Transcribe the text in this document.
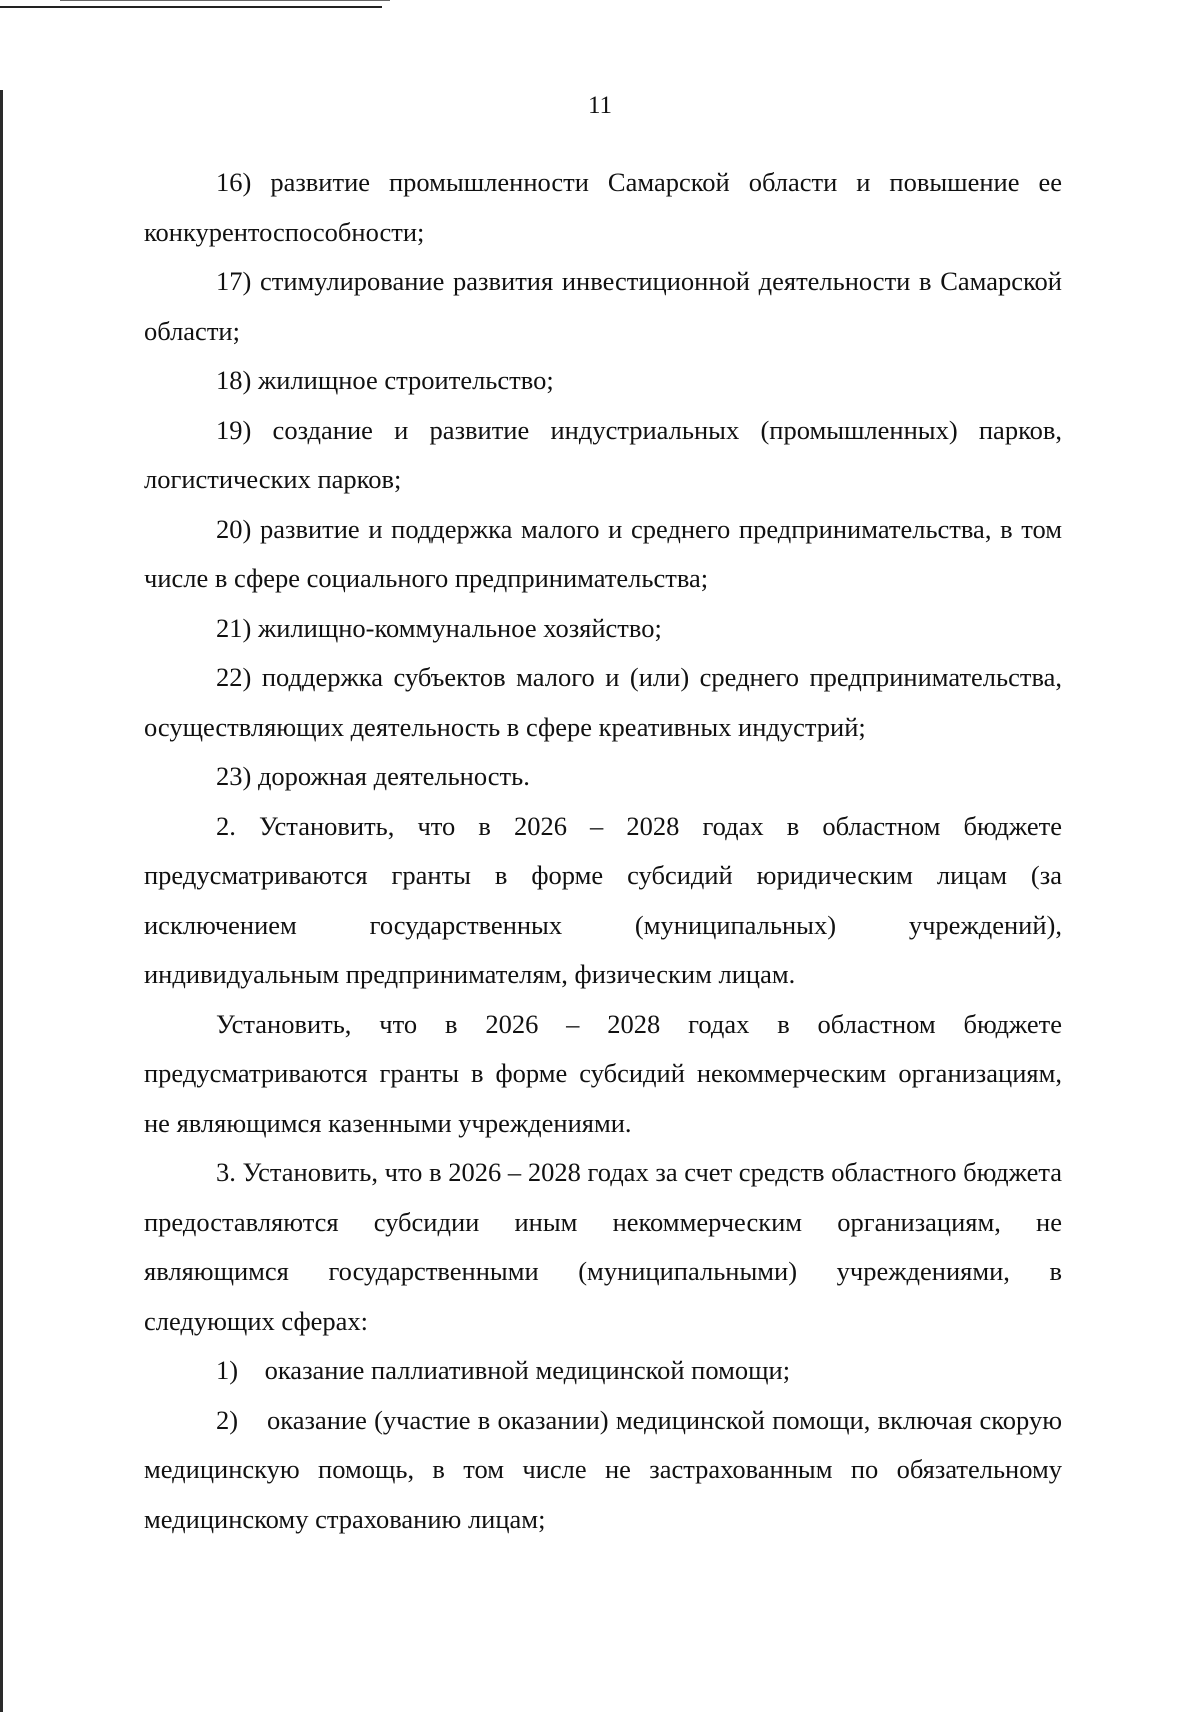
11

16) развитие промышленности Самарской области и повышение ее конкурентоспособности;

17) стимулирование развития инвестиционной деятельности в Самарской области;

18) жилищное строительство;

19) создание и развитие индустриальных (промышленных) парков, логистических парков;

20) развитие и поддержка малого и среднего предпринимательства, в том числе в сфере социального предпринимательства;

21) жилищно-коммунальное хозяйство;

22) поддержка субъектов малого и (или) среднего предпринимательства, осуществляющих деятельность в сфере креативных индустрий;

23) дорожная деятельность.

2. Установить, что в 2026 – 2028 годах в областном бюджете предусматриваются гранты в форме субсидий юридическим лицам (за исключением государственных (муниципальных) учреждений), индивидуальным предпринимателям, физическим лицам.

Установить, что в 2026 – 2028 годах в областном бюджете предусматриваются гранты в форме субсидий некоммерческим организациям, не являющимся казенными учреждениями.

3. Установить, что в 2026 – 2028 годах за счет средств областного бюджета предоставляются субсидии иным некоммерческим организациям, не являющимся государственными (муниципальными) учреждениями, в следующих сферах:

1) оказание паллиативной медицинской помощи;

2) оказание (участие в оказании) медицинской помощи, включая скорую медицинскую помощь, в том числе не застрахованным по обязательному медицинскому страхованию лицам;
